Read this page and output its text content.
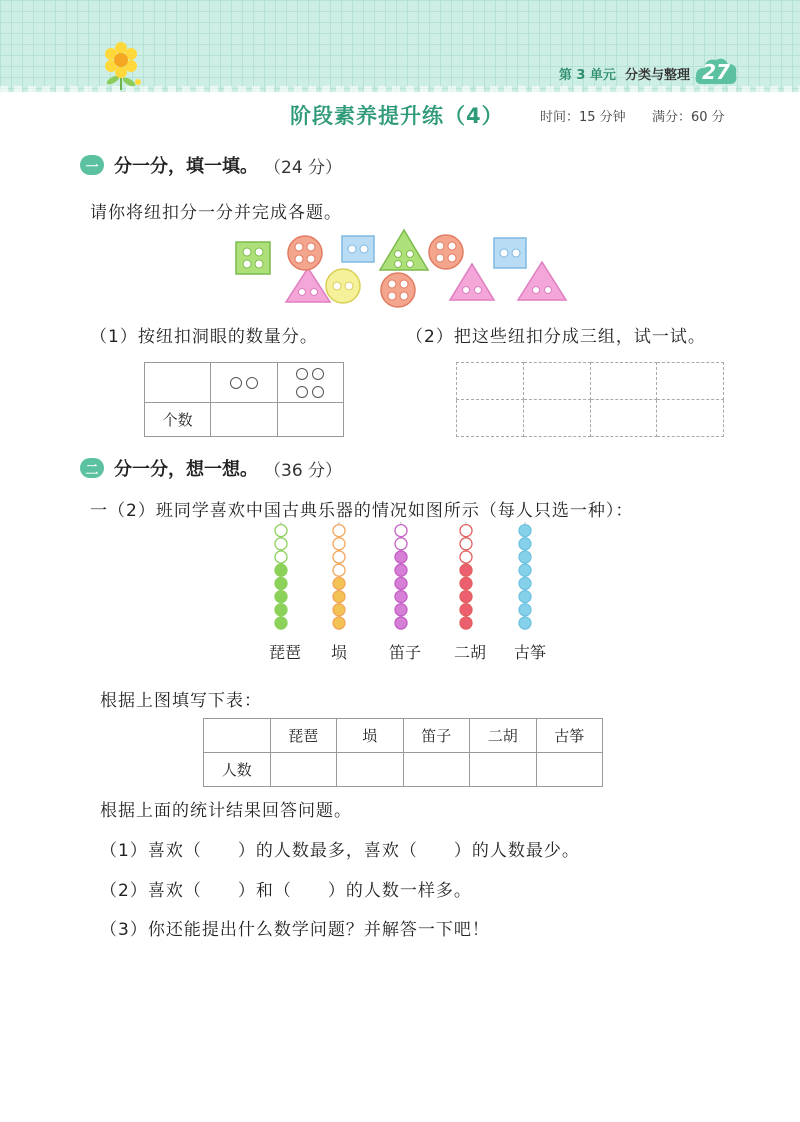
第 3 单元 分类与整理 27
阶段素养提升练（4）	时间：15 分钟 满分：60 分
一 分一分，填一填。 （24 分）
请你将纽扣分一分并完成各题。
（1）按纽扣洞眼的数量分。	（2）把这些纽扣分成三组，试一试。

个数		

二 分一分，想一想。 （36 分）
一（2）班同学喜欢中国古典乐器的情况如图所示（每人只选一种）：
琵琶	埙	笛子	二胡	古筝
根据上图填写下表：
	琵琶	埙	笛子	二胡	古筝
人数					
根据上面的统计结果回答问题。
（1）喜欢（　　）的人数最多，喜欢（　　）的人数最少。
（2）喜欢（　　）和（　　）的人数一样多。
（3）你还能提出什么数学问题？并解答一下吧！
